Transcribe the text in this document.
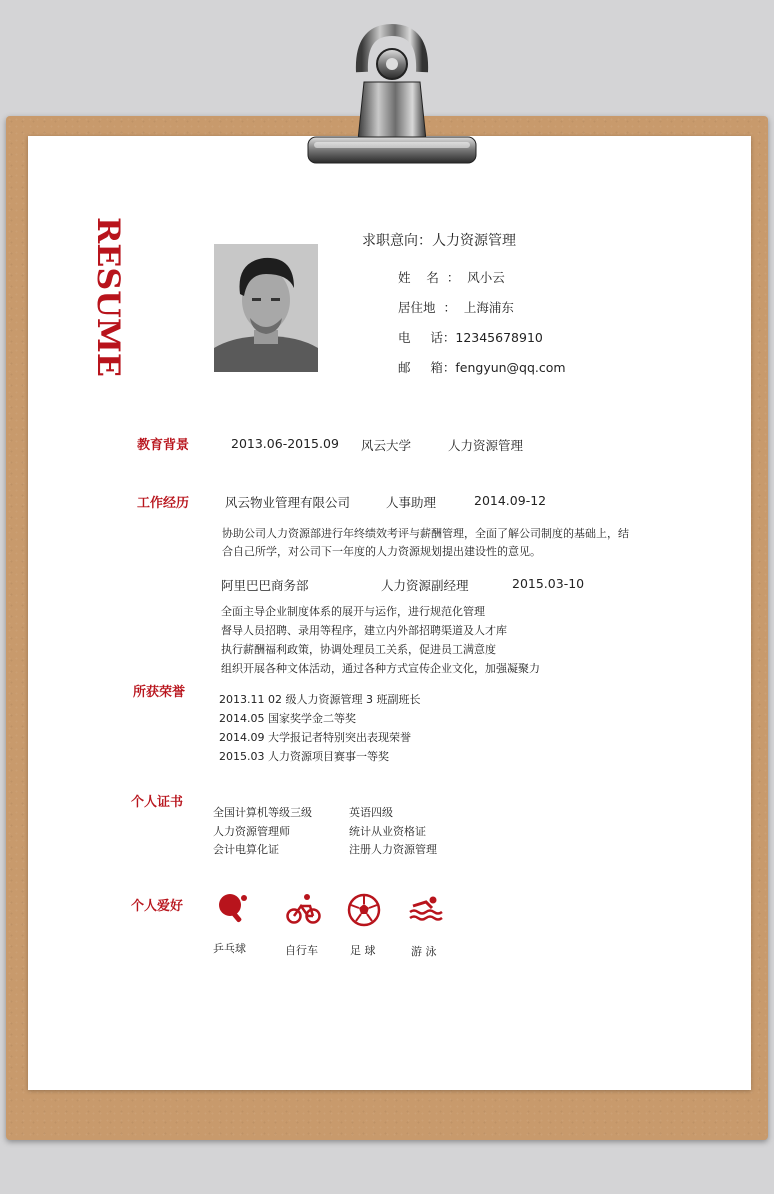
RESUME	求职意向：人力资源管理
姓    名  ：  风小云
居住地  ：  上海浦东
电     话：12345678910
邮     箱：fengyun@qq.com
教育背景	2013.06-2015.09 风云大学	人力资源管理
工作经历	风云物业管理有限公司	人事助理	2014.09-12
协助公司人力资源部进行年终绩效考评与薪酬管理，全面了解公司制度的基础上，结
合自己所学，对公司下一年度的人力资源规划提出建设性的意见。
阿里巴巴商务部	人力资源副经理	2015.03-10
全面主导企业制度体系的展开与运作，进行规范化管理
督导人员招聘、录用等程序，建立内外部招聘渠道及人才库
执行薪酬福利政策，协调处理员工关系，促进员工满意度
组织开展各种文体活动，通过各种方式宣传企业文化，加强凝聚力
所获荣誉	2013.11 02 级人力资源管理 3 班副班长
2014.05 国家奖学金二等奖
2014.09 大学报记者特别突出表现荣誉
2015.03 人力资源项目赛事一等奖
个人证书
全国计算机等级三级	英语四级
人力资源管理师	统计从业资格证
会计电算化证	注册人力资源管理
个人爱好
乒乓球	自行车	足 球	游 泳
